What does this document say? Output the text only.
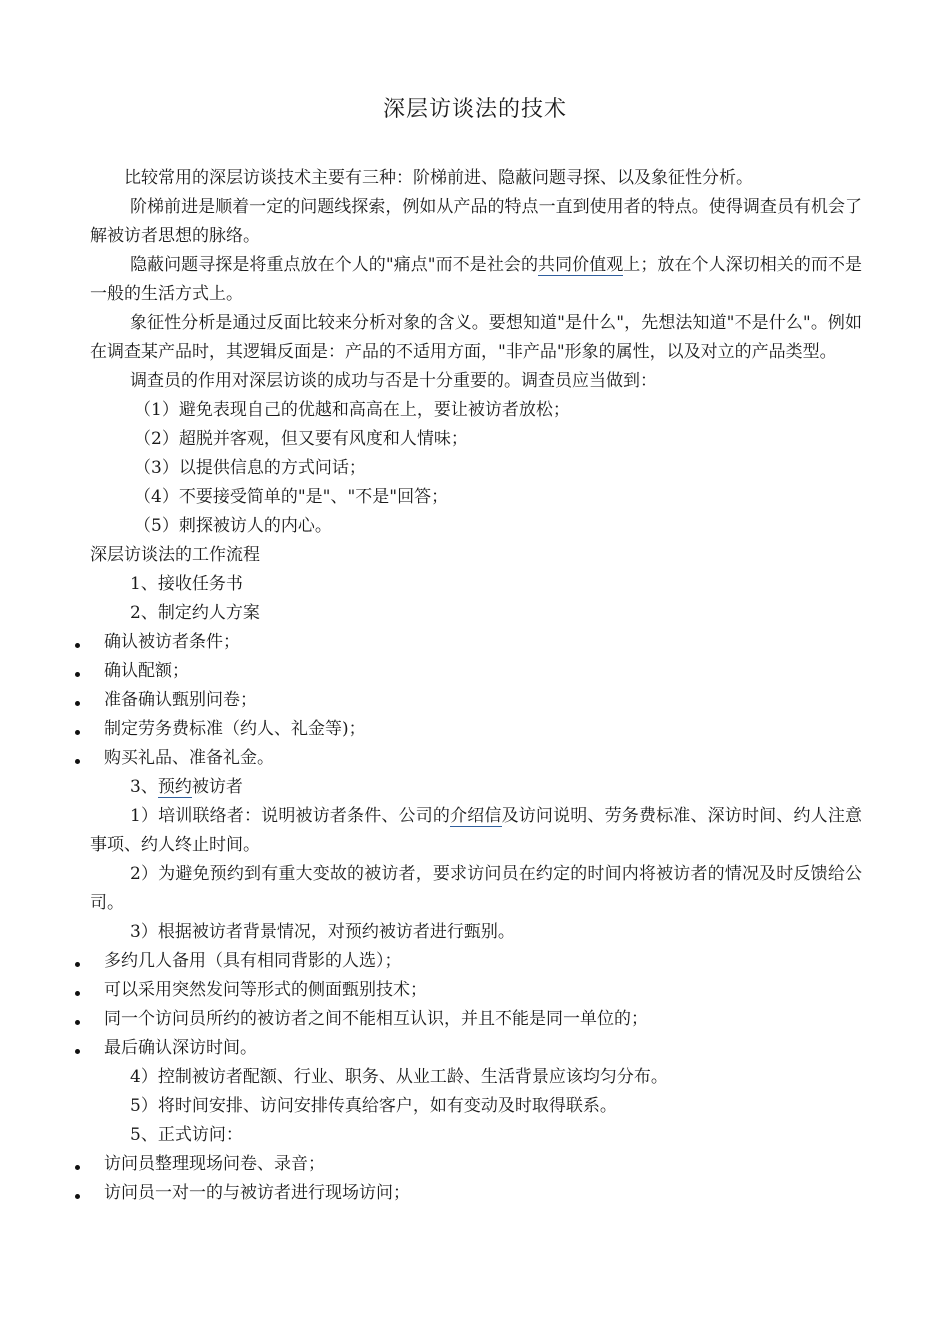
深层访谈法的技术

比较常用的深层访谈技术主要有三种：阶梯前进、隐蔽问题寻探、以及象征性分析。

阶梯前进是顺着一定的问题线探索，例如从产品的特点一直到使用者的特点。使得调查员有机会了解被访者思想的脉络。

隐蔽问题寻探是将重点放在个人的"痛点"而不是社会的共同价值观上；放在个人深切相关的而不是一般的生活方式上。

象征性分析是通过反面比较来分析对象的含义。要想知道"是什么"，先想法知道"不是什么"。例如在调查某产品时，其逻辑反面是：产品的不适用方面，"非产品"形象的属性，以及对立的产品类型。

调查员的作用对深层访谈的成功与否是十分重要的。调查员应当做到：

（1）避免表现自己的优越和高高在上，要让被访者放松；

（2）超脱并客观，但又要有风度和人情味；

（3）以提供信息的方式问话；

（4）不要接受简单的"是"、"不是"回答；

（5）刺探被访人的内心。

深层访谈法的工作流程

1、接收任务书

2、制定约人方案

确认被访者条件；

确认配额；

准备确认甄别问卷；

制定劳务费标准（约人、礼金等)；

购买礼品、准备礼金。

3、预约被访者

1）培训联络者：说明被访者条件、公司的介绍信及访问说明、劳务费标准、深访时间、约人注意事项、约人终止时间。

2）为避免预约到有重大变故的被访者，要求访问员在约定的时间内将被访者的情况及时反馈给公司。

3）根据被访者背景情况，对预约被访者进行甄别。

多约几人备用（具有相同背影的人选）；

可以采用突然发问等形式的侧面甄别技术；

同一个访问员所约的被访者之间不能相互认识，并且不能是同一单位的；

最后确认深访时间。

4）控制被访者配额、行业、职务、从业工龄、生活背景应该均匀分布。

5）将时间安排、访问安排传真给客户，如有变动及时取得联系。

5、正式访问：

访问员整理现场问卷、录音；

访问员一对一的与被访者进行现场访问；
